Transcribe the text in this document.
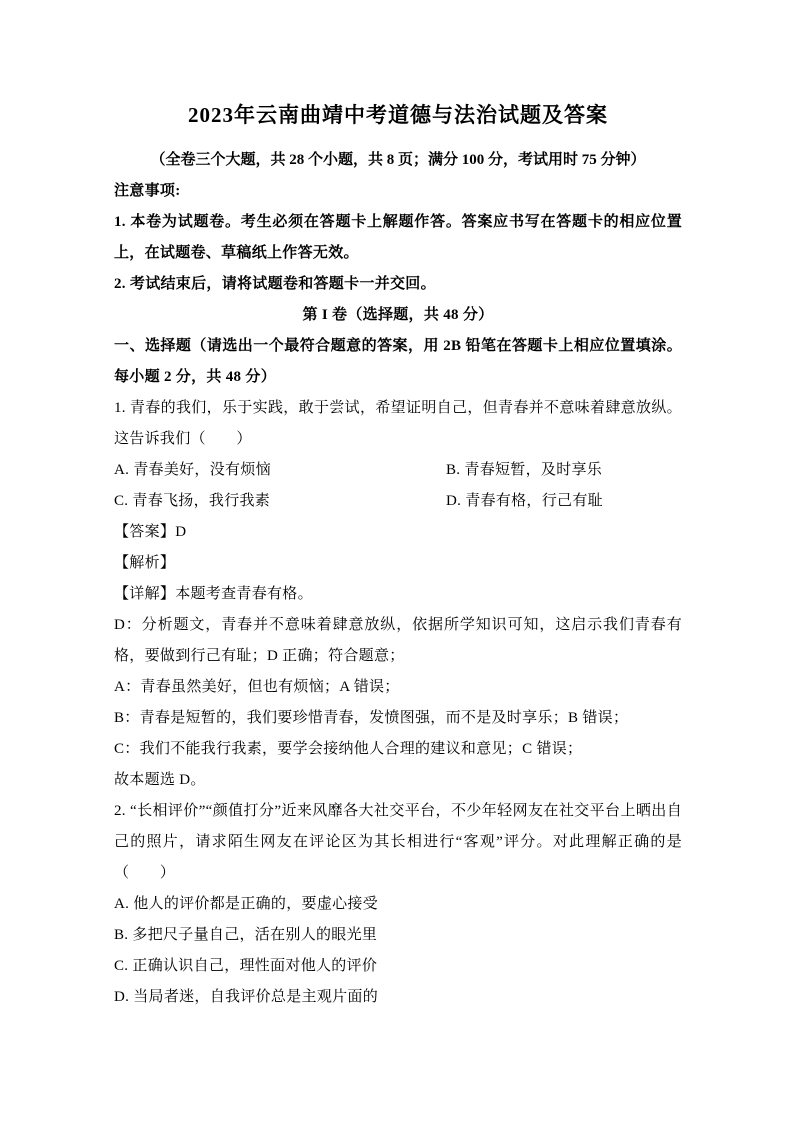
2023年云南曲靖中考道德与法治试题及答案

（全卷三个大题，共 28 个小题，共 8 页；满分 100 分，考试用时 75 分钟）

注意事项:

1. 本卷为试题卷。考生必须在答题卡上解题作答。答案应书写在答题卡的相应位置上，在试题卷、草稿纸上作答无效。

2. 考试结束后，请将试题卷和答题卡一并交回。

第 I 卷（选择题，共 48 分）

一、选择题（请选出一个最符合题意的答案，用 2B 铅笔在答题卡上相应位置填涂。每小题 2 分，共 48 分）

1. 青春的我们，乐于实践，敢于尝试，希望证明自己，但青春并不意味着肆意放纵。这告诉我们（　　）

A. 青春美好，没有烦恼	B. 青春短暂，及时享乐

C. 青春飞扬，我行我素	D. 青春有格，行己有耻

【答案】D

【解析】

【详解】本题考查青春有格。

D：分析题文，青春并不意味着肆意放纵，依据所学知识可知，这启示我们青春有格，要做到行己有耻；D 正确；符合题意；

A：青春虽然美好，但也有烦恼；A 错误；

B：青春是短暂的，我们要珍惜青春，发愤图强，而不是及时享乐；B 错误；

C：我们不能我行我素，要学会接纳他人合理的建议和意见；C 错误；

故本题选 D。

2. “长相评价”“颜值打分”近来风靡各大社交平台，不少年轻网友在社交平台上晒出自己的照片，请求陌生网友在评论区为其长相进行“客观”评分。对此理解正确的是（　　）

A. 他人的评价都是正确的，要虚心接受

B. 多把尺子量自己，活在别人的眼光里

C. 正确认识自己，理性面对他人的评价

D. 当局者迷，自我评价总是主观片面的
